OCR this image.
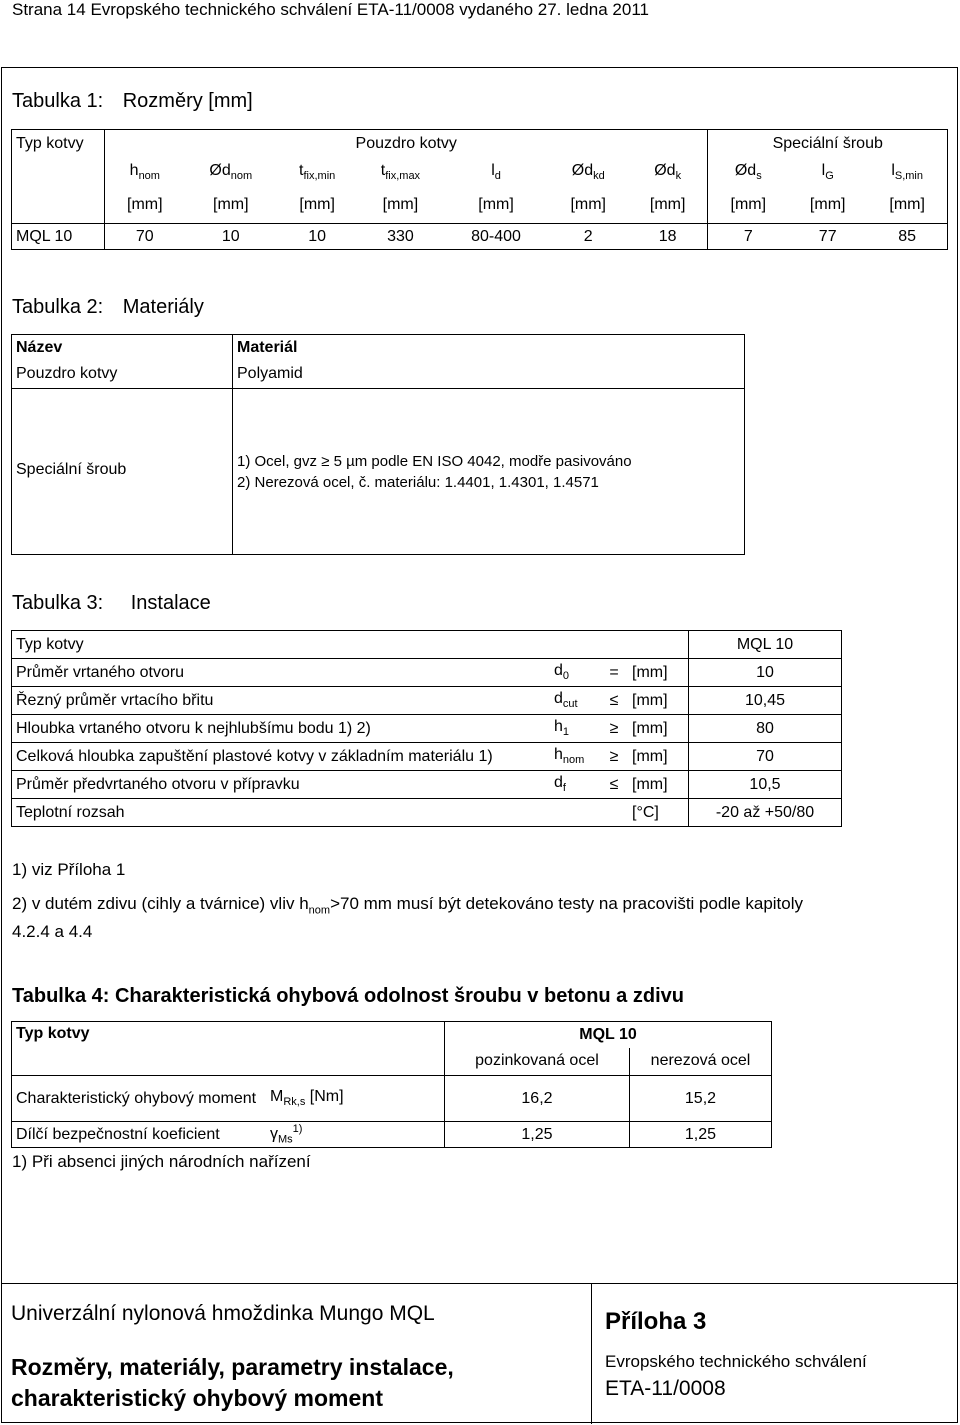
Strana 14 Evropského technického schválení ETA-11/0008 vydaného 27. ledna 2011
Tabulka 1: Rozměry [mm]
Typ kotvy	Pouzdro kotvy							Speciální šroub		
	$h_{nom}$	$Ød_{nom}$	$t_{fix,min}$	$t_{fix,max}$	$l_d$	$Ød_{kd}$	$Ød_k$	$Ød_s$	$l_G$	$l_{S,min}$
	[mm]	[mm]	[mm]	[mm]	[mm]	[mm]	[mm]	[mm]	[mm]	[mm]
MQL 10	70	10	10	330	80-400	2	18	7	77	85
Tabulka 2: Materiály
Název	Materiál
Pouzdro kotvy	Polyamid
Speciální šroub	1) Ocel, gvz ≥ 5 µm podle EN ISO 4042, modře pasivováno
2) Nerezová ocel, č. materiálu: 1.4401, 1.4301, 1.4571
Tabulka 3: Instalace
Typ kotvy				MQL 10
Průměr vrtaného otvoru	$d_0$	=	[mm]	10
Řezný průměr vrtacího břitu	$d_{cut}$	≤	[mm]	10,45
Hloubka vrtaného otvoru k nejhlubšímu bodu 1) 2)	$h_1$	≥	[mm]	80
Celková hloubka zapuštění plastové kotvy v základním materiálu 1)	$h_{nom}$	≥	[mm]	70
Průměr předvrtaného otvoru v přípravku	$d_f$	≤	[mm]	10,5
Teplotní rozsah			[°C]	-20 až +50/80
1) viz Příloha 1
2) v dutém zdivu (cihly a tvárnice) vliv $h_{nom}>70$ mm musí být detekováno testy na pracovišti podle kapitoly
4.2.4 a 4.4
Tabulka 4: Charakteristická ohybová odolnost šroubu v betonu a zdivu
Typ kotvy		MQL 10	
		pozinkovaná ocel	nerezová ocel
Charakteristický ohybový moment	$M_{Rk,s}$ [Nm]	16,2	15,2
Dílčí bezpečnostní koeficient	$\gamma_{Ms}^{1)}$	1,25	1,25
1) Při absenci jiných národních nařízení
Univerzální nylonová hmoždinka Mungo MQL
Rozměry, materiály, parametry instalace,
charakteristický ohybový moment
Příloha 3
Evropského technického schválení
ETA-11/0008
